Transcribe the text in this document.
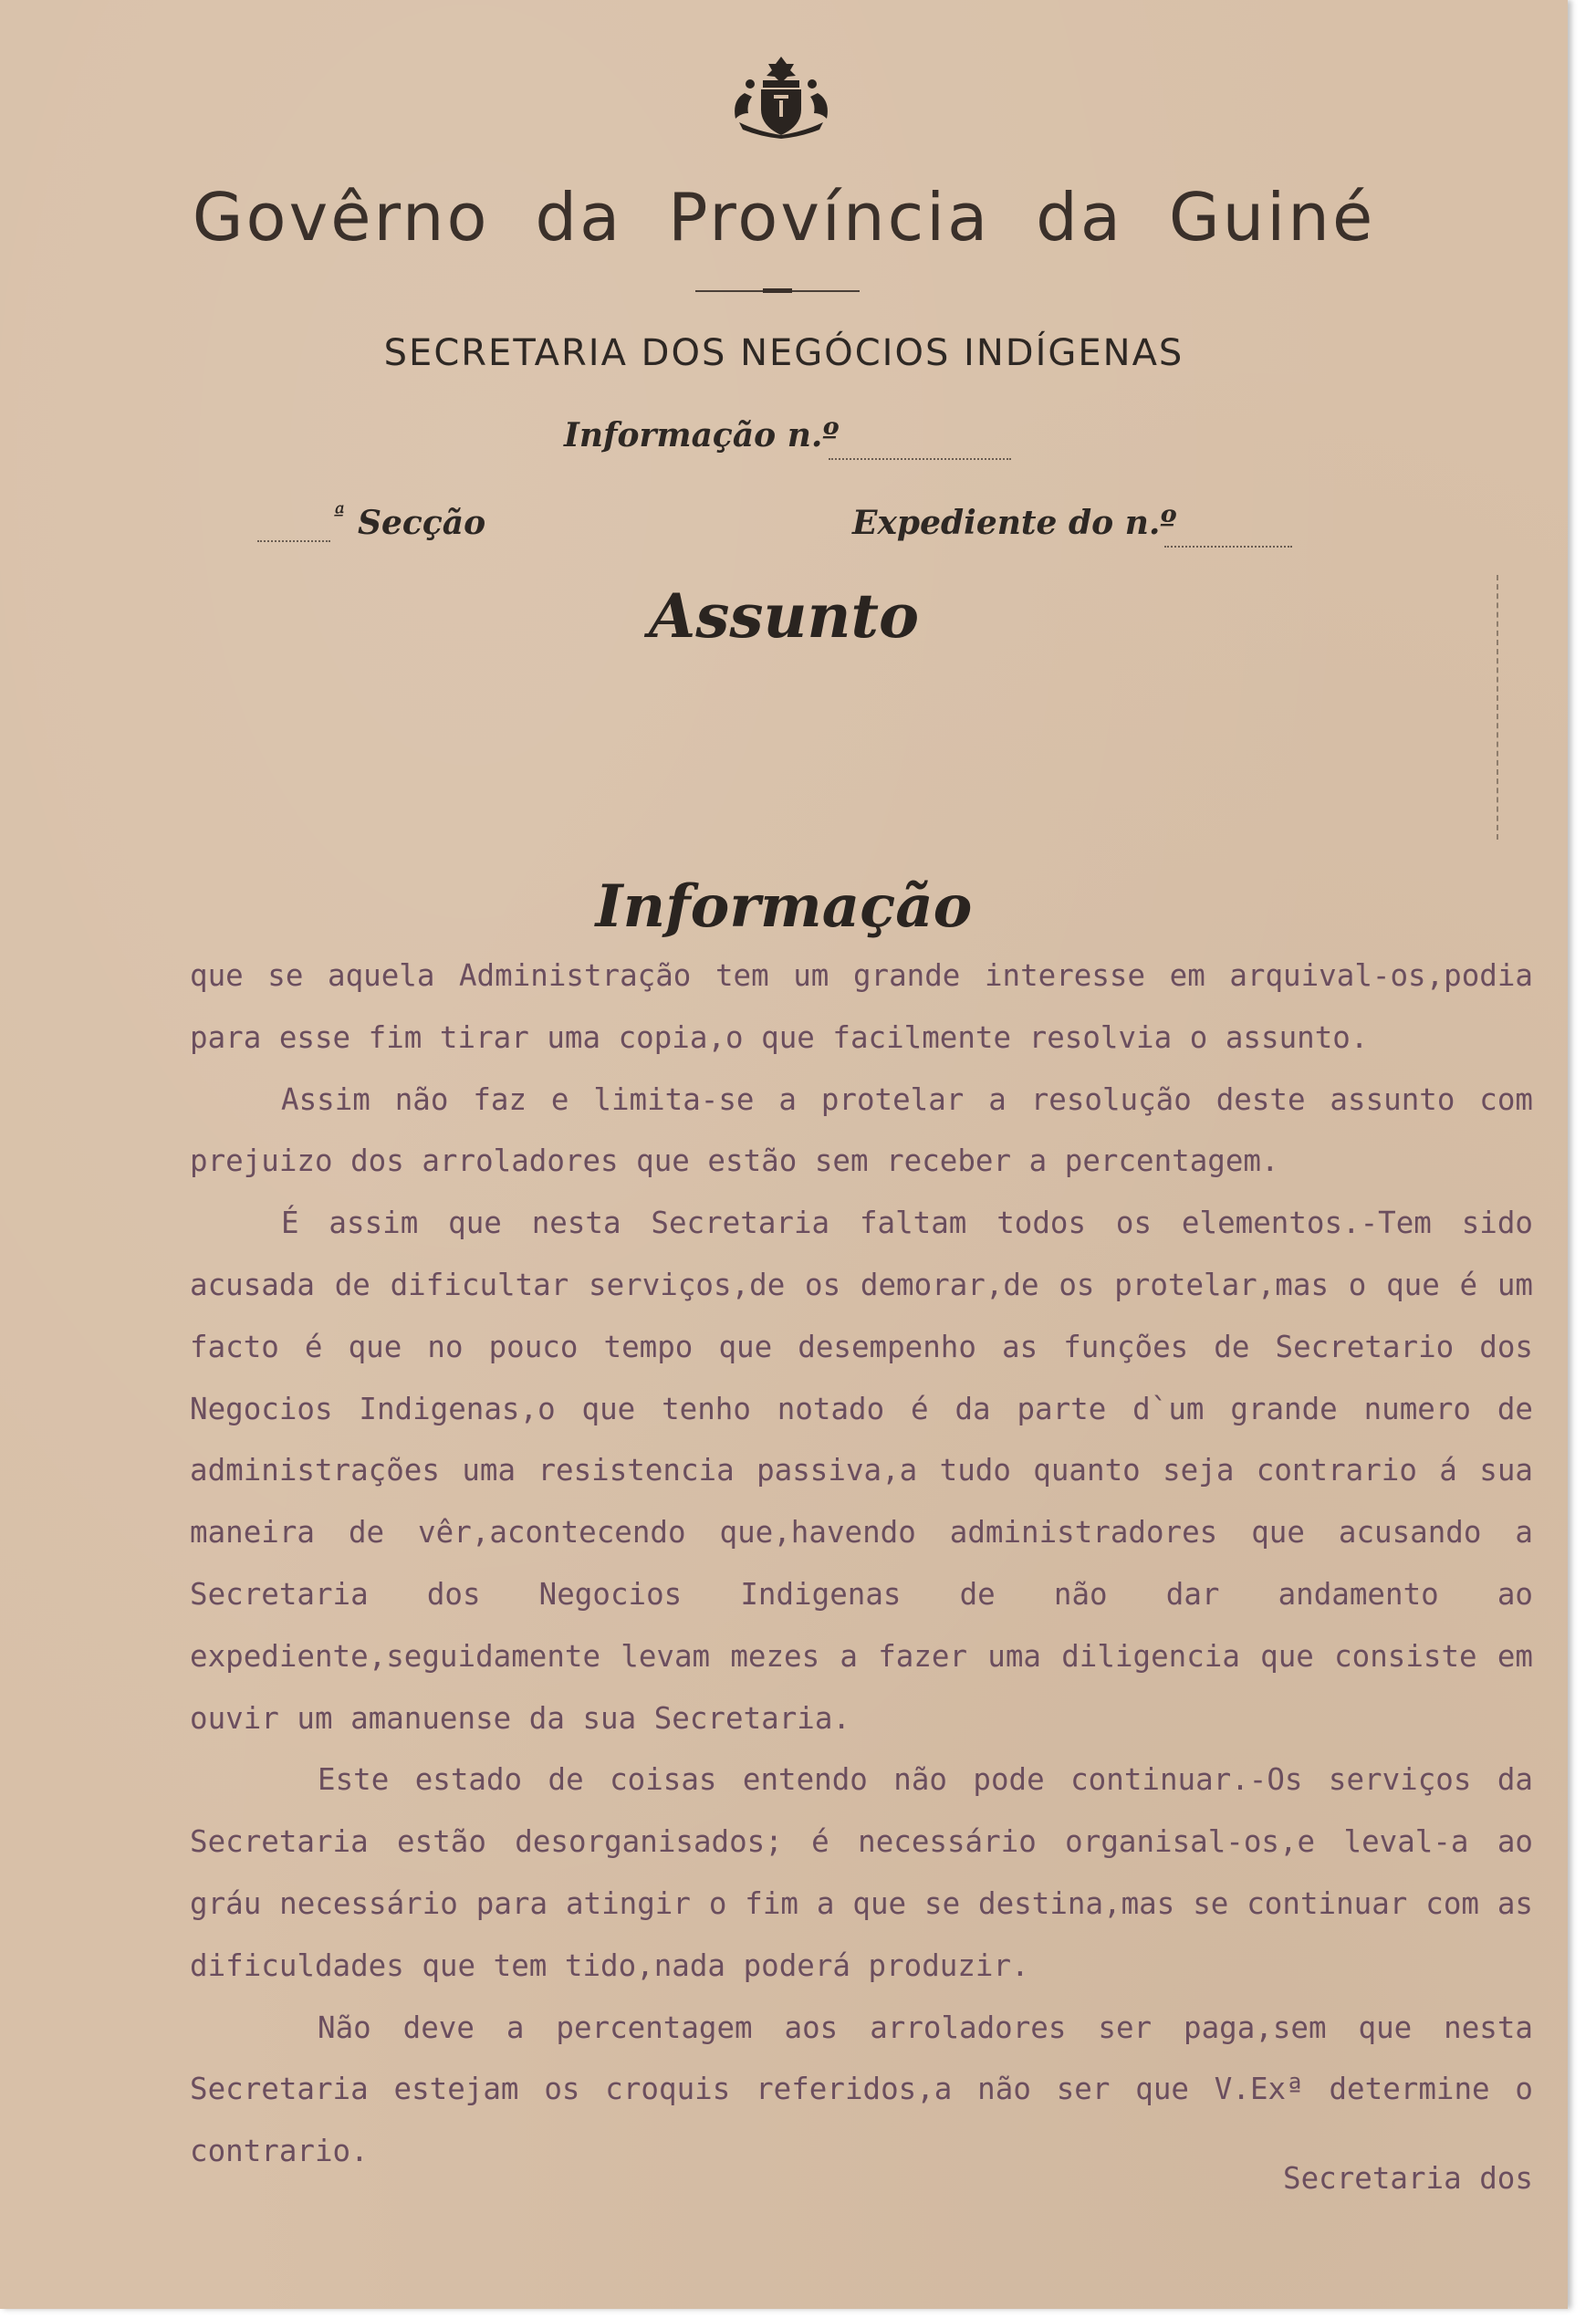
Govêrno da Província da Guiné
SECRETARIA DOS NEGÓCIOS INDÍGENAS
Informação n.º
ª Secção	Expediente do n.º
Assunto
Informação

que se aquela Administração tem um grande interesse em arquival-os,podia para esse fim tirar uma copia,o que facilmente resolvia o assunto.

Assim não faz e limita-se a protelar a resolução deste assunto com prejuizo dos arroladores que estão sem receber a percentagem.

É assim que nesta Secretaria faltam todos os elementos.-Tem sido acusada de dificultar serviços,de os demorar,de os protelar,mas o que é um facto é que no pouco tempo que desempenho as funções de Secretario dos Negocios Indigenas,o que tenho notado é da parte d`um grande numero de administrações uma resistencia passiva,a tudo quanto seja contrario á sua maneira de vêr,acontecendo que,havendo administradores que acusando a Secretaria dos Negocios Indigenas de não dar andamento ao expediente,seguidamente levam mezes a fazer uma diligencia que consiste em ouvir um amanuense da sua Secretaria.

Este estado de coisas entendo não pode continuar.-Os serviços da Secretaria estão desorganisados; é necessário organisal-os,e leval-a ao gráu necessário para atingir o fim a que se destina,mas se continuar com as dificuldades que tem tido,nada poderá produzir.

Não deve a percentagem aos arroladores ser paga,sem que nesta Secretaria estejam os croquis referidos,a não ser que V.Exª determine o contrario.

Secretaria dos
